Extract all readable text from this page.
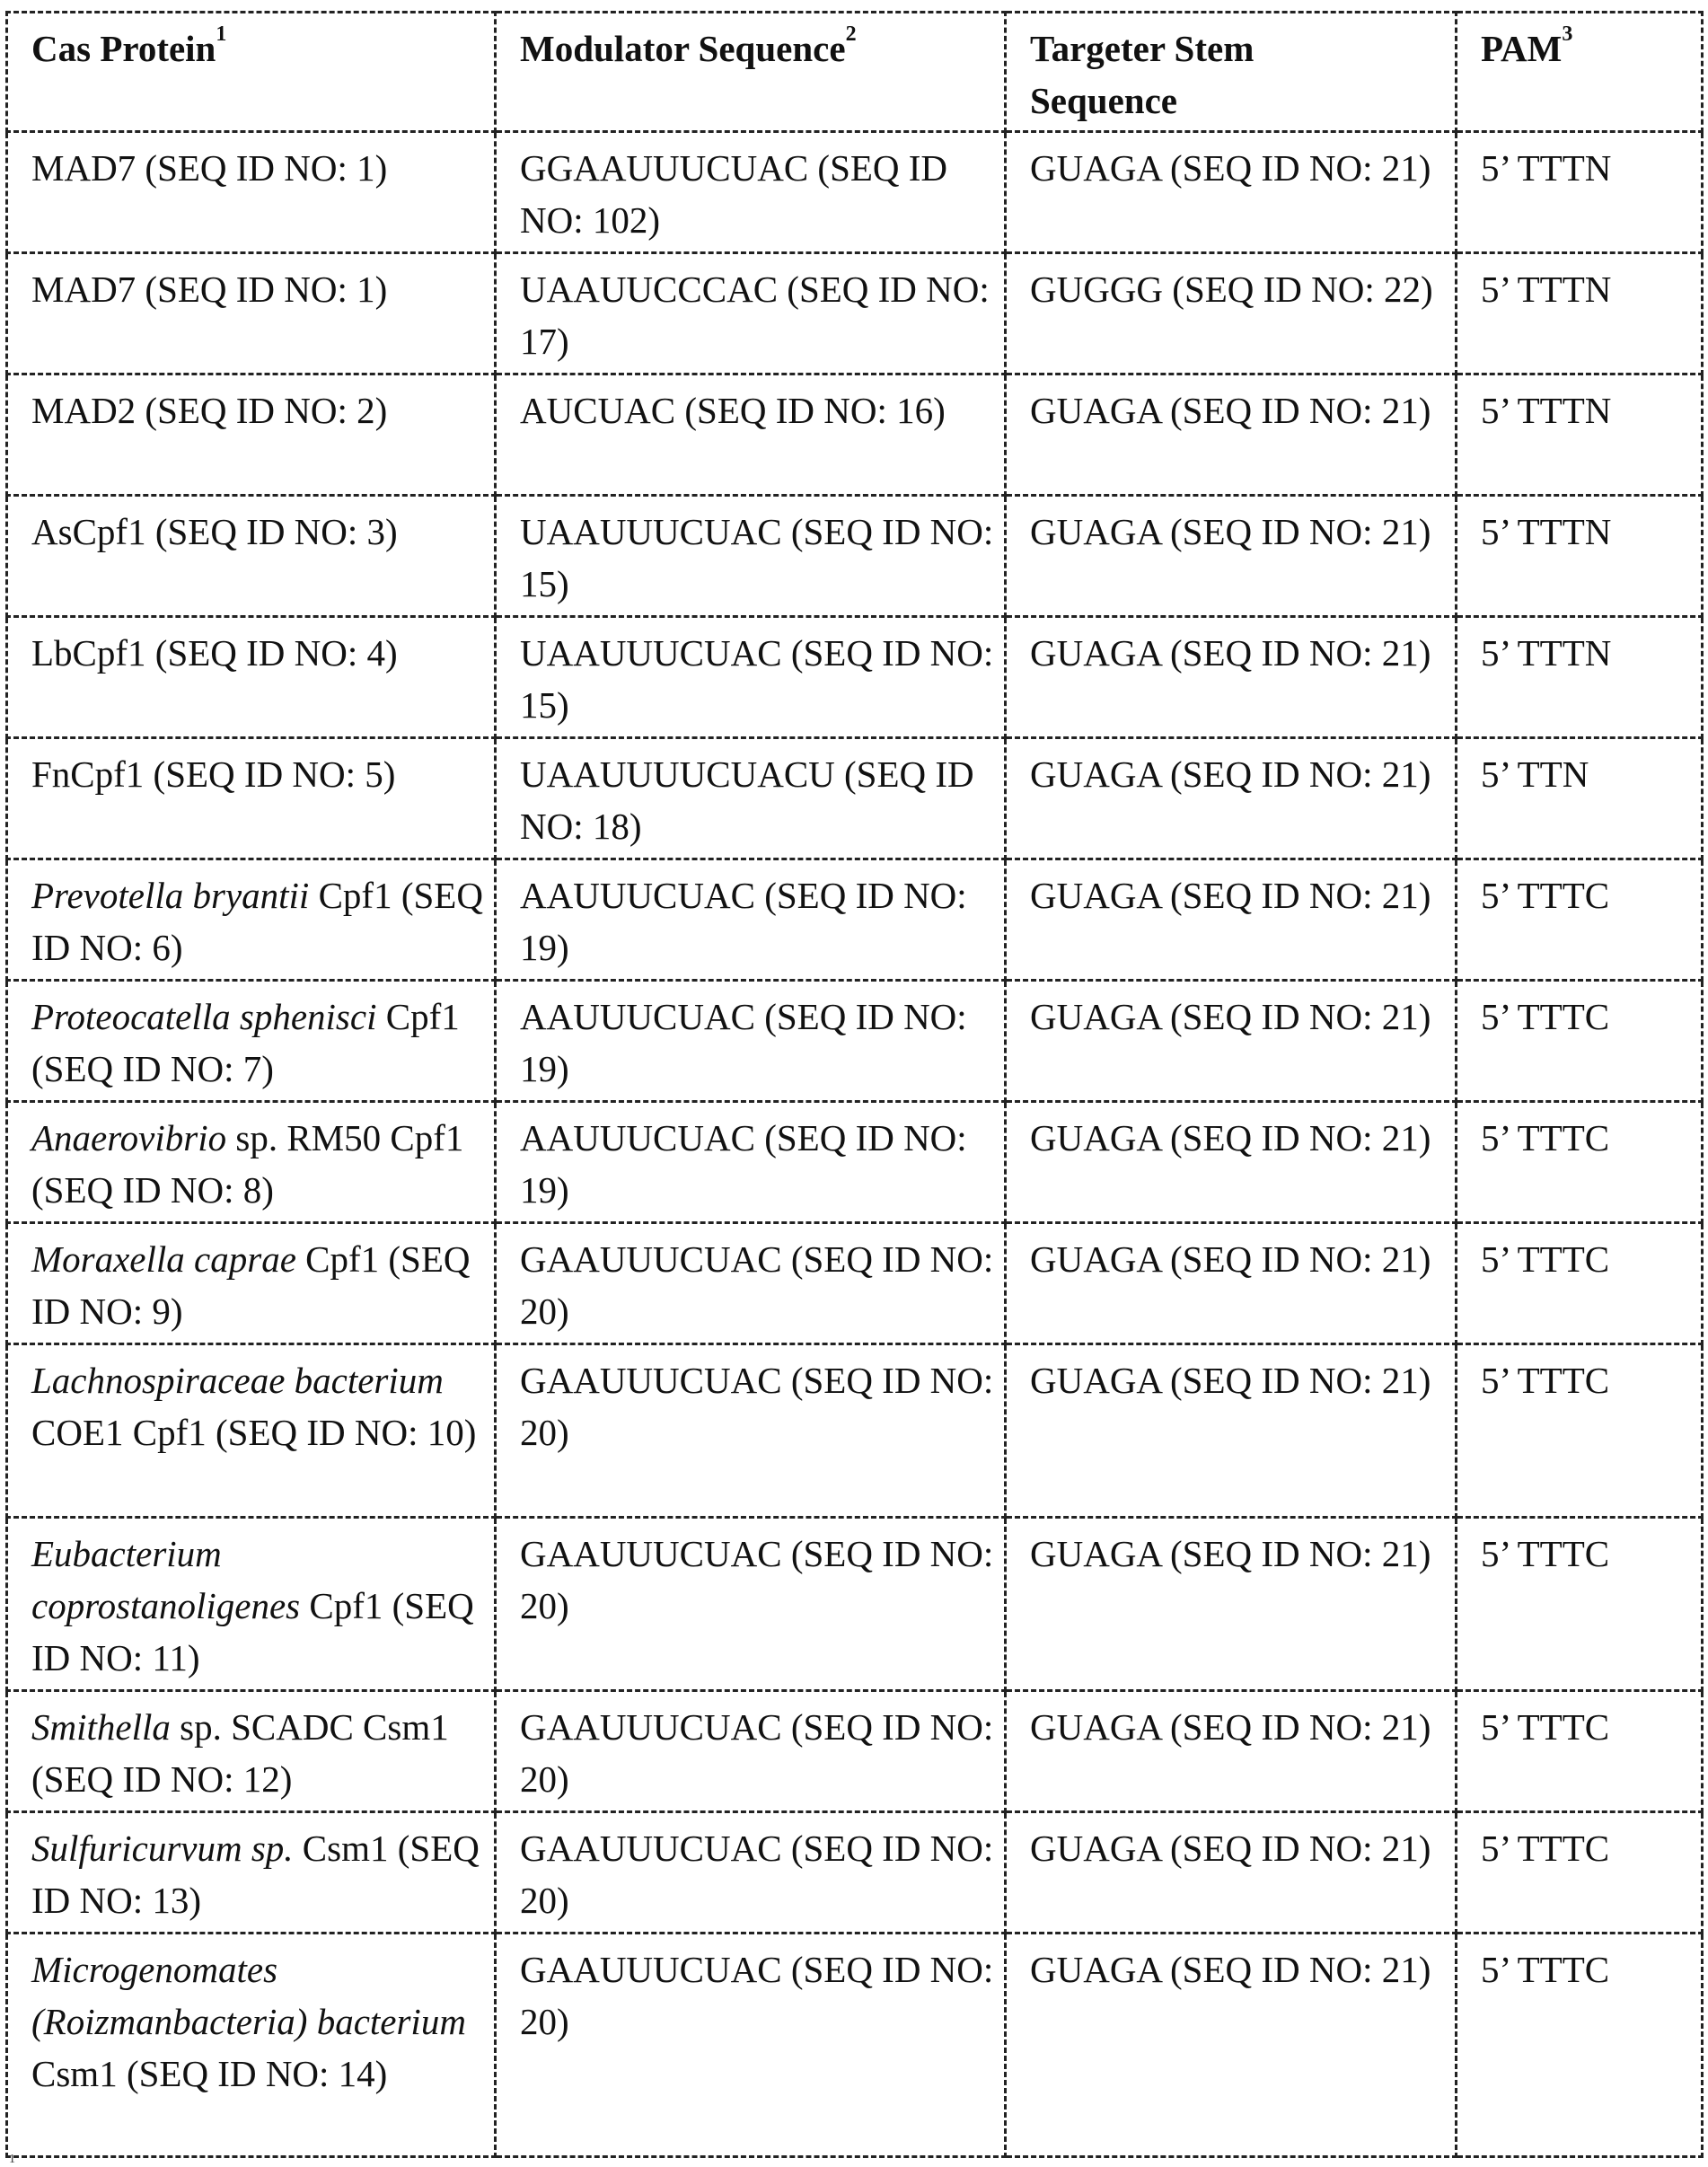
Cas Protein$^1$	Modulator Sequence$^2$	Targeter Stem Sequence	PAM$^3$
MAD7 (SEQ ID NO: 1)	GGAAUUUCUAC (SEQ ID NO: 102)	GUAGA (SEQ ID NO: 21)	5’ TTTN
MAD7 (SEQ ID NO: 1)	UAAUUCCCAC (SEQ ID NO: 17)	GUGGG (SEQ ID NO: 22)	5’ TTTN
MAD2 (SEQ ID NO: 2)	AUCUAC (SEQ ID NO: 16)	GUAGA (SEQ ID NO: 21)	5’ TTTN
AsCpf1 (SEQ ID NO: 3)	UAAUUUCUAC (SEQ ID NO: 15)	GUAGA (SEQ ID NO: 21)	5’ TTTN
LbCpf1 (SEQ ID NO: 4)	UAAUUUCUAC (SEQ ID NO: 15)	GUAGA (SEQ ID NO: 21)	5’ TTTN
FnCpf1 (SEQ ID NO: 5)	UAAUUUUCUACU (SEQ ID NO: 18)	GUAGA (SEQ ID NO: 21)	5’ TTN
Prevotella bryantii Cpf1 (SEQ ID NO: 6)	AAUUUCUAC (SEQ ID NO: 19)	GUAGA (SEQ ID NO: 21)	5’ TTTC
Proteocatella sphenisci Cpf1 (SEQ ID NO: 7)	AAUUUCUAC (SEQ ID NO: 19)	GUAGA (SEQ ID NO: 21)	5’ TTTC
Anaerovibrio sp. RM50 Cpf1 (SEQ ID NO: 8)	AAUUUCUAC (SEQ ID NO: 19)	GUAGA (SEQ ID NO: 21)	5’ TTTC
Moraxella caprae Cpf1 (SEQ ID NO: 9)	GAAUUUCUAC (SEQ ID NO: 20)	GUAGA (SEQ ID NO: 21)	5’ TTTC
Lachnospiraceae bacterium COE1 Cpf1 (SEQ ID NO: 10)	GAAUUUCUAC (SEQ ID NO: 20)	GUAGA (SEQ ID NO: 21)	5’ TTTC
Eubacterium coprostanoligenes Cpf1 (SEQ ID NO: 11)	GAAUUUCUAC (SEQ ID NO: 20)	GUAGA (SEQ ID NO: 21)	5’ TTTC
Smithella sp. SCADC Csm1 (SEQ ID NO: 12)	GAAUUUCUAC (SEQ ID NO: 20)	GUAGA (SEQ ID NO: 21)	5’ TTTC
Sulfuricurvum sp. Csm1 (SEQ ID NO: 13)	GAAUUUCUAC (SEQ ID NO: 20)	GUAGA (SEQ ID NO: 21)	5’ TTTC
Microgenomates (Roizmanbacteria) bacterium Csm1 (SEQ ID NO: 14)	GAAUUUCUAC (SEQ ID NO: 20)	GUAGA (SEQ ID NO: 21)	5’ TTTC
1
